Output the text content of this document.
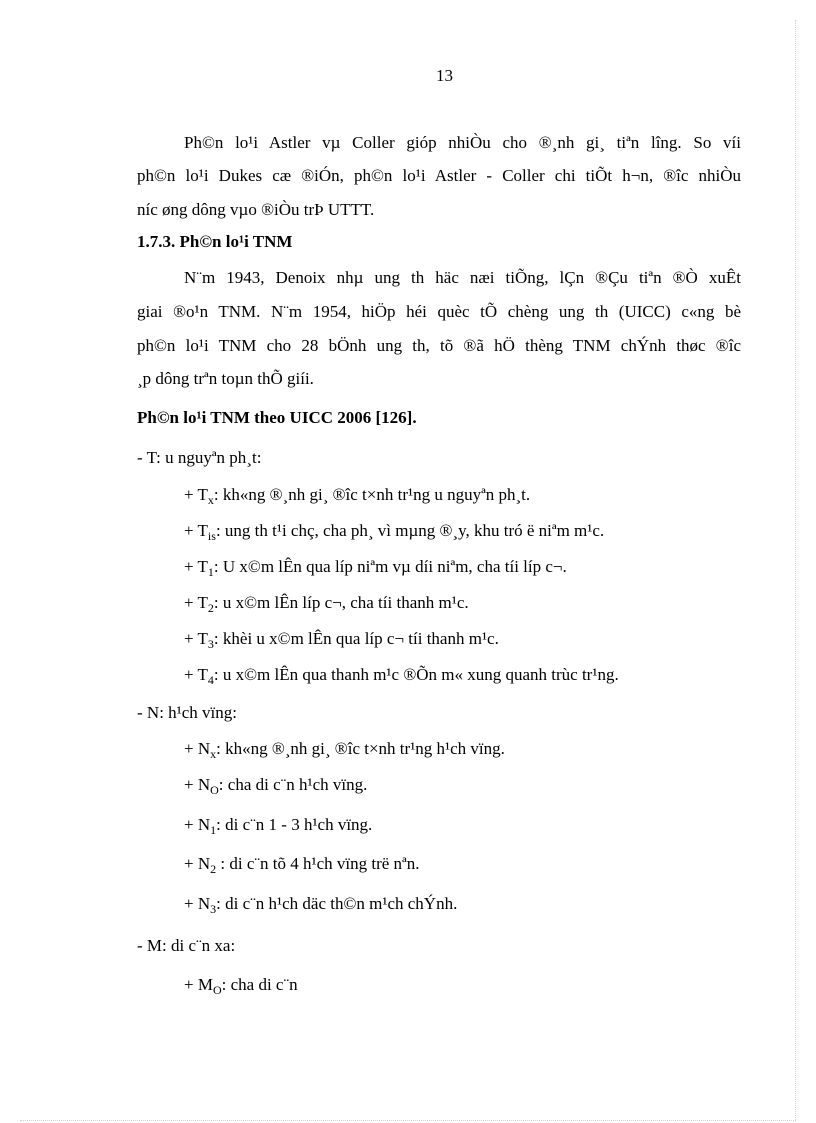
13
Ph©n lo¹i Astler vµ Coller gióp nhiÒu cho ®¸nh gi¸ tiªn lîng. So víi
ph©n lo¹i Dukes cæ ®iÓn, ph©n lo¹i Astler - Coller chi tiÕt h¬n, ®îc nhiÒu
níc øng dông vµo ®iÒu trÞ UTTT.
1.7.3. Ph©n lo¹i TNM
N¨m 1943, Denoix nhµ ung th häc næi tiÕng, lÇn ®Çu tiªn ®Ò xuÊt
giai ®o¹n TNM. N¨m 1954, hiÖp héi quèc tÕ chèng ung th (UICC) c«ng bè
ph©n lo¹i TNM cho 28 bÖnh ung th, tõ ®ã hÖ thèng TNM chÝnh thøc ®îc
¸p dông trªn toµn thÕ giíi.
Ph©n lo¹i TNM theo UICC 2006 [126].
- T: u nguyªn ph¸t:
+ $T_x$: kh«ng ®¸nh gi¸ ®îc t×nh tr¹ng u nguyªn ph¸t.
+ $T_{is}$: ung th t¹i chç, cha ph¸ vì mµng ®¸y, khu tró ë niªm m¹c.
+ $T_1$: U x©m lÊn qua líp niªm vµ díi niªm, cha tíi líp c¬.
+ $T_2$: u x©m lÊn líp c¬, cha tíi thanh m¹c.
+ $T_3$: khèi u x©m lÊn qua líp c¬ tíi thanh m¹c.
+ $T_4$: u x©m lÊn qua thanh m¹c ®Õn m« xung quanh trùc tr¹ng.
- N: h¹ch vïng:
+ $N_x$: kh«ng ®¸nh gi¸ ®îc t×nh tr¹ng h¹ch vïng.
+ $N_O$: cha di c¨n h¹ch vïng.
+ $N_1$: di c¨n 1 - 3 h¹ch vïng.
+ $N_2$ : di c¨n tõ 4 h¹ch vïng trë nªn.
+ $N_3$: di c¨n h¹ch däc th©n m¹ch chÝnh.
- M: di c¨n xa:
+ $M_O$: cha di c¨n
